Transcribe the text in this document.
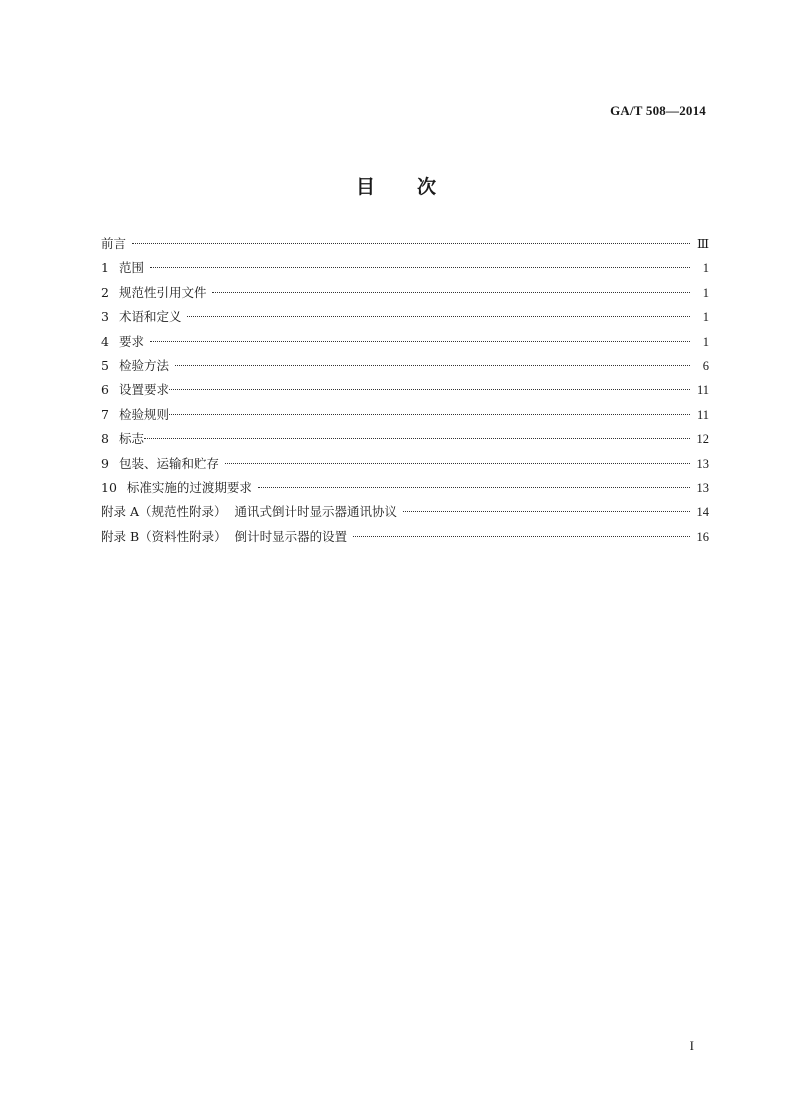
GA/T 508—2014
目 次
前言	Ⅲ
1 范围	1
2 规范性引用文件	1
3 术语和定义	1
4 要求	1
5 检验方法	6
6 设置要求	11
7 检验规则	11
8 标志	12
9 包装、运输和贮存	13
10 标准实施的过渡期要求	13
附录 A（规范性附录）  通讯式倒计时显示器通讯协议	14
附录 B（资料性附录）  倒计时显示器的设置	16
I
